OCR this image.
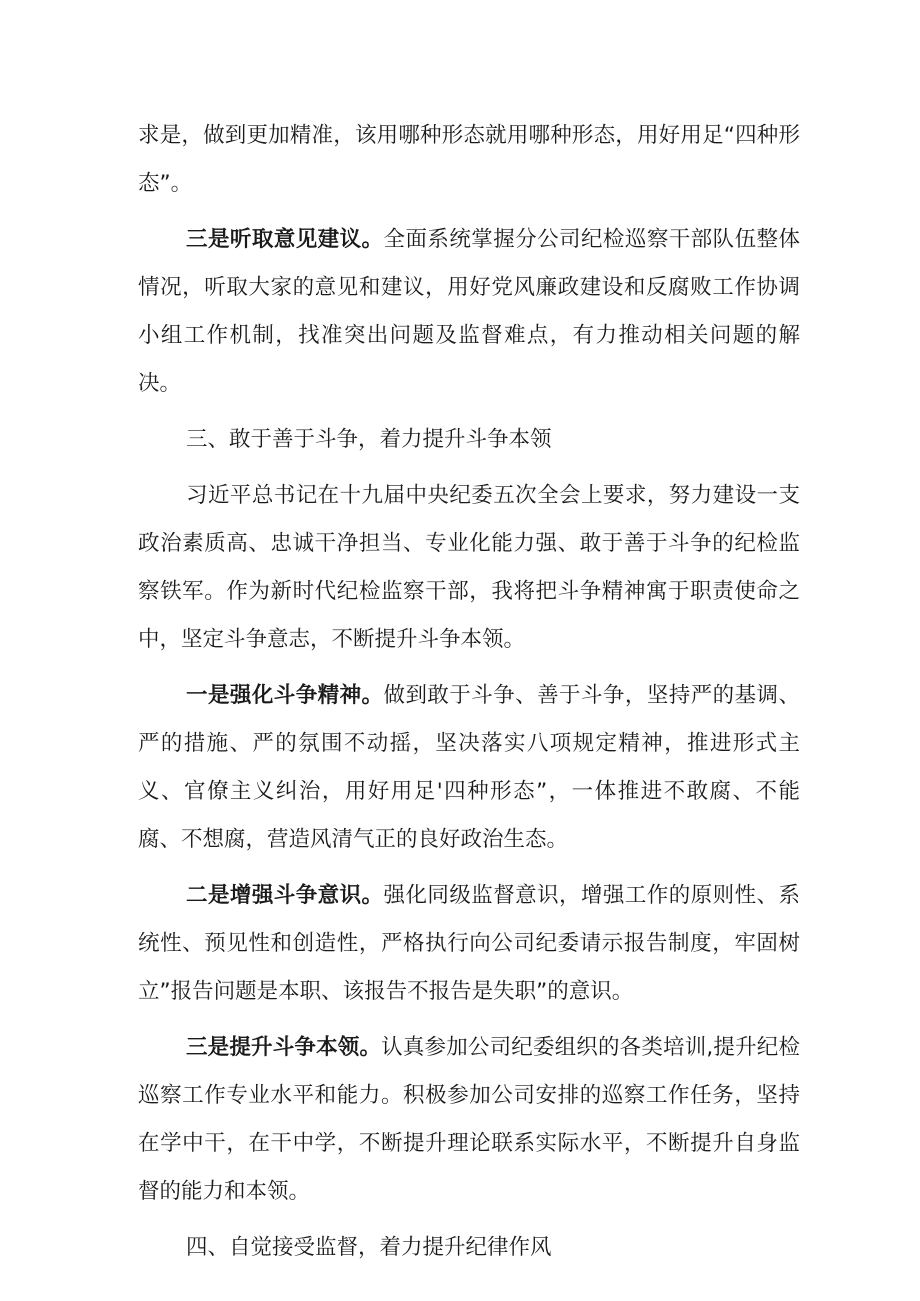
求是，做到更加精准，该用哪种形态就用哪种形态，用好用足“四种形态”。

三是听取意见建议。全面系统掌握分公司纪检巡察干部队伍整体情况，听取大家的意见和建议，用好党风廉政建设和反腐败工作协调小组工作机制，找准突出问题及监督难点，有力推动相关问题的解决。

三、敢于善于斗争，着力提升斗争本领

习近平总书记在十九届中央纪委五次全会上要求，努力建设一支政治素质高、忠诚干净担当、专业化能力强、敢于善于斗争的纪检监察铁军。作为新时代纪检监察干部，我将把斗争精神寓于职责使命之中，坚定斗争意志，不断提升斗争本领。

一是强化斗争精神。做到敢于斗争、善于斗争，坚持严的基调、严的措施、严的氛围不动摇，坚决落实八项规定精神，推进形式主义、官僚主义纠治，用好用足'四种形态”，一体推进不敢腐、不能腐、不想腐，营造风清气正的良好政治生态。

二是增强斗争意识。强化同级监督意识，增强工作的原则性、系统性、预见性和创造性，严格执行向公司纪委请示报告制度，牢固树立”报告问题是本职、该报告不报告是失职”的意识。

三是提升斗争本领。认真参加公司纪委组织的各类培训,提升纪检巡察工作专业水平和能力。积极参加公司安排的巡察工作任务，坚持在学中干，在干中学，不断提升理论联系实际水平，不断提升自身监督的能力和本领。

四、自觉接受监督，着力提升纪律作风
